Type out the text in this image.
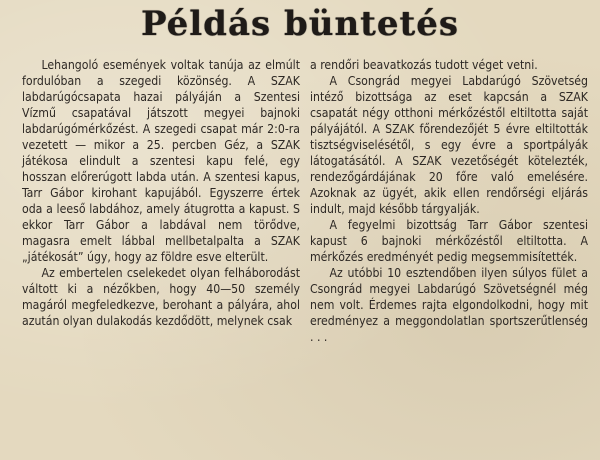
Példás büntetés

Lehangoló események voltak tanúja az elmúlt fordulóban a szegedi közönség. A SZAK labdarúgócsapata hazai pályáján a Szentesi Vízmű csapatával játszott megyei bajnoki labdarúgómérkőzést. A szegedi csapat már 2:0-ra vezetett — mikor a 25. percben Géz, a SZAK játékosa elindult a szentesi kapu felé, egy hosszan előrerúgott labda után. A szentesi kapus, Tarr Gábor kirohant kapujából. Egyszerre értek oda a leeső labdához, amely átugrotta a kapust. S ekkor Tarr Gábor a labdával nem törődve, magasra emelt lábbal mellbetalpalta a SZAK „játékosát” úgy, hogy az földre esve elterült.

Az embertelen cselekedet olyan felháborodást váltott ki a nézőkben, hogy 40—50 személy magáról megfeledkezve, berohant a pályára, ahol azután olyan dulakodás kezdődött, melynek csak

a rendőri beavatkozás tudott véget vetni.

A Csongrád megyei Labdarúgó Szövetség intéző bizottsága az eset kapcsán a SZAK csapatát négy otthoni mérkőzéstől eltiltotta saját pályájától. A SZAK főrendezőjét 5 évre eltiltották tisztségviselésétől, s egy évre a sportpályák látogatásától. A SZAK vezetőségét kötelezték, rendezőgárdájának 20 főre való emelésére. Azoknak az ügyét, akik ellen rendőrségi eljárás indult, majd később tárgyalják.

A fegyelmi bizottság Tarr Gábor szentesi kapust 6 bajnoki mérkőzéstől eltiltotta. A mérkőzés eredményét pedig megsemmisítették.

Az utóbbi 10 esztendőben ilyen súlyos fület a Csongrád megyei Labdarúgó Szövetségnél még nem volt. Érdemes rajta elgondolkodni, hogy mit eredményez a meggondolatlan sportszerűtlenség . . .
